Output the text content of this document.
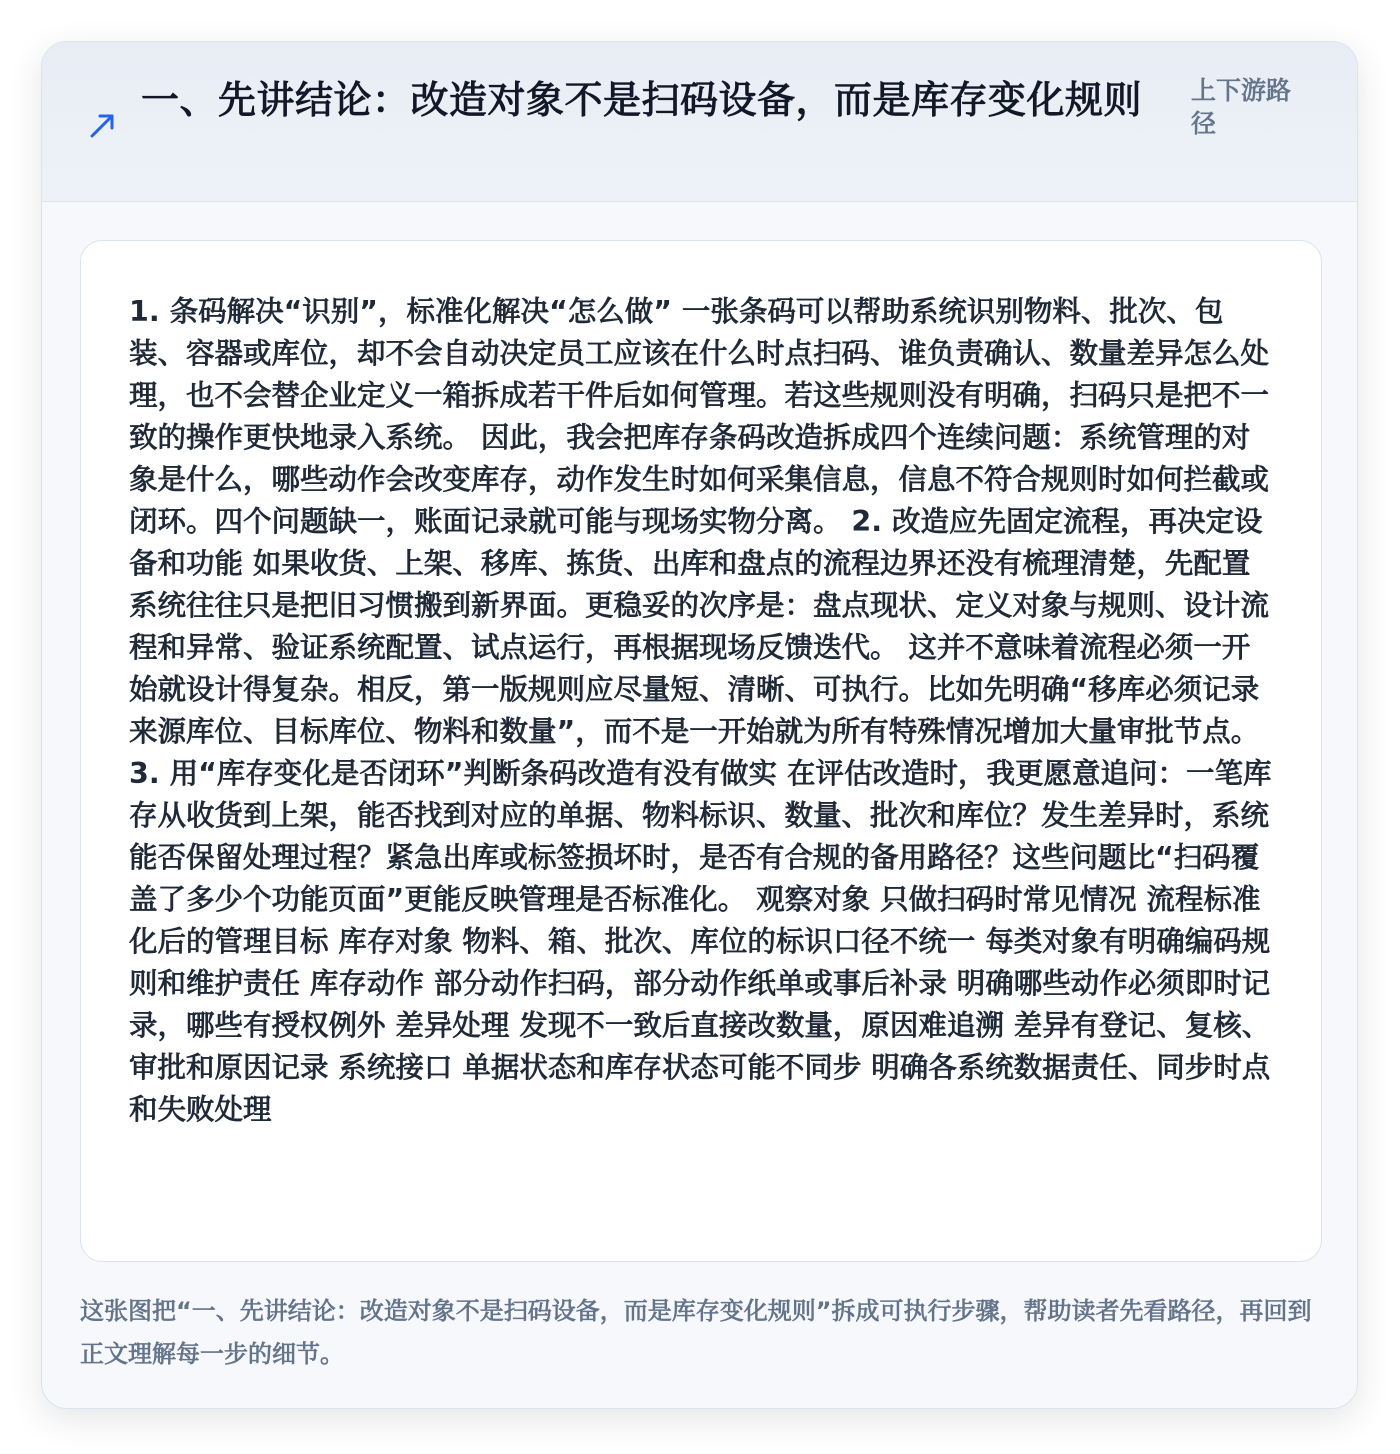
一、先讲结论：改造对象不是扫码设备，而是库存变化规则	上下游路径

1. 条码解决“识别”，标准化解决“怎么做” 一张条码可以帮助系统识别物料、批次、包装、容器或库位，却不会自动决定员工应该在什么时点扫码、谁负责确认、数量差异怎么处理，也不会替企业定义一箱拆成若干件后如何管理。若这些规则没有明确，扫码只是把不一致的操作更快地录入系统。 因此，我会把库存条码改造拆成四个连续问题：系统管理的对象是什么，哪些动作会改变库存，动作发生时如何采集信息，信息不符合规则时如何拦截或闭环。四个问题缺一，账面记录就可能与现场实物分离。 2. 改造应先固定流程，再决定设备和功能 如果收货、上架、移库、拣货、出库和盘点的流程边界还没有梳理清楚，先配置系统往往只是把旧习惯搬到新界面。更稳妥的次序是：盘点现状、定义对象与规则、设计流程和异常、验证系统配置、试点运行，再根据现场反馈迭代。 这并不意味着流程必须一开始就设计得复杂。相反，第一版规则应尽量短、清晰、可执行。比如先明确“移库必须记录来源库位、目标库位、物料和数量”，而不是一开始就为所有特殊情况增加大量审批节点。 3. 用“库存变化是否闭环”判断条码改造有没有做实 在评估改造时，我更愿意追问：一笔库存从收货到上架，能否找到对应的单据、物料标识、数量、批次和库位？发生差异时，系统能否保留处理过程？紧急出库或标签损坏时，是否有合规的备用路径？这些问题比“扫码覆盖了多少个功能页面”更能反映管理是否标准化。 观察对象 只做扫码时常见情况 流程标准化后的管理目标 库存对象 物料、箱、批次、库位的标识口径不统一 每类对象有明确编码规则和维护责任 库存动作 部分动作扫码，部分动作纸单或事后补录 明确哪些动作必须即时记录，哪些有授权例外 差异处理 发现不一致后直接改数量，原因难追溯 差异有登记、复核、审批和原因记录 系统接口 单据状态和库存状态可能不同步 明确各系统数据责任、同步时点和失败处理

这张图把“一、先讲结论：改造对象不是扫码设备，而是库存变化规则”拆成可执行步骤，帮助读者先看路径，再回到正文理解每一步的细节。
